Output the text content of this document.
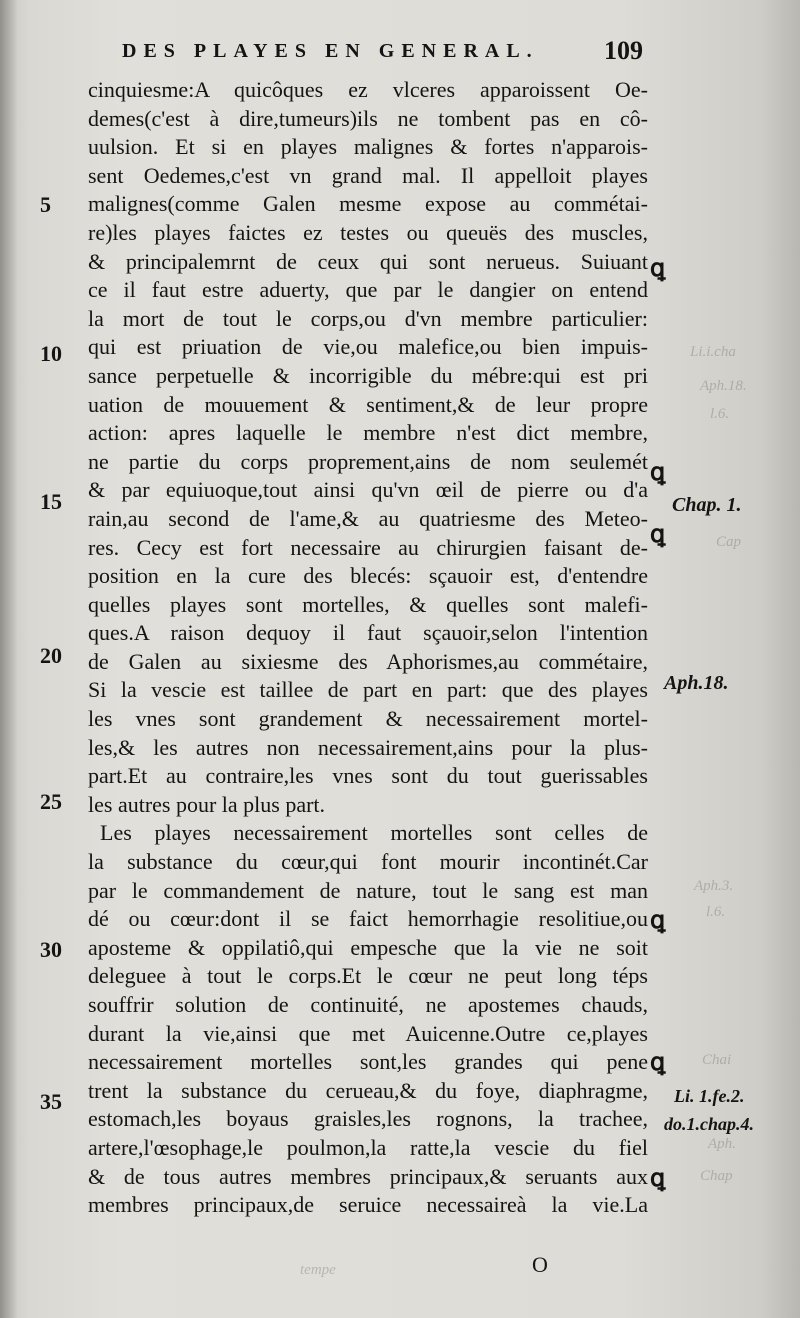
Li.i.cha
Aph.18.
l.6.
Cap
Aph.3.
l.6.
Chai
Aph.
Chap
tempe
DES PLAYES EN GENERAL.	109
5
10
15
20
25
30
35
Chap. 1.
Aph.18.
Li. 1.fe.2.
do.1.chap.4.
ꝗ
ꝗ
ꝗ
ꝗ
ꝗ
ꝗ
cinquiesme:A quicôques ez vlceres apparoissent Oe-
demes(c'est à dire,tumeurs)ils ne tombent pas en cô-
uulsion. Et si en playes malignes & fortes n'apparois-
sent Oedemes,c'est vn grand mal. Il appelloit playes
malignes(comme Galen mesme expose au commétai-
re)les playes faictes ez testes ou queuës des muscles,
& principalemrnt de ceux qui sont nerueus. Suiuant
ce il faut estre aduerty, que par le dangier on entend
la mort de tout le corps,ou d'vn membre particulier:
qui est priuation de vie,ou malefice,ou bien impuis-
sance perpetuelle & incorrigible du mébre:qui est pri
uation de mouuement & sentiment,& de leur propre
action: apres laquelle le membre n'est dict membre,
ne partie du corps proprement,ains de nom seulemét
& par equiuoque,tout ainsi qu'vn œil de pierre ou d'a
rain,au second de l'ame,& au quatriesme des Meteo-
res. Cecy est fort necessaire au chirurgien faisant de-
position en la cure des blecés: sçauoir est, d'entendre
quelles playes sont mortelles, & quelles sont malefi-
ques.A raison dequoy il faut sçauoir,selon l'intention
de Galen au sixiesme des Aphorismes,au commétaire,
Si la vescie est taillee de part en part: que des playes
les vnes sont grandement & necessairement mortel-
les,& les autres non necessairement,ains pour la plus-
part.Et au contraire,les vnes sont du tout guerissables
les autres pour la plus part.
Les playes necessairement mortelles sont celles de
la substance du cœur,qui font mourir incontinét.Car
par le commandement de nature, tout le sang est man
dé ou cœur:dont il se faict hemorrhagie resolitiue,ou
aposteme & oppilatiô,qui empesche que la vie ne soit
deleguee à tout le corps.Et le cœur ne peut long téps
souffrir solution de continuité, ne apostemes chauds,
durant la vie,ainsi que met Auicenne.Outre ce,playes
necessairement mortelles sont,les grandes qui pene
trent la substance du cerueau,& du foye, diaphragme,
estomach,les boyaus graisles,les rognons, la trachee,
artere,l'œsophage,le poulmon,la ratte,la vescie du fiel
& de tous autres membres principaux,& seruants aux
membres principaux,de seruice necessaireà la vie.La
O
